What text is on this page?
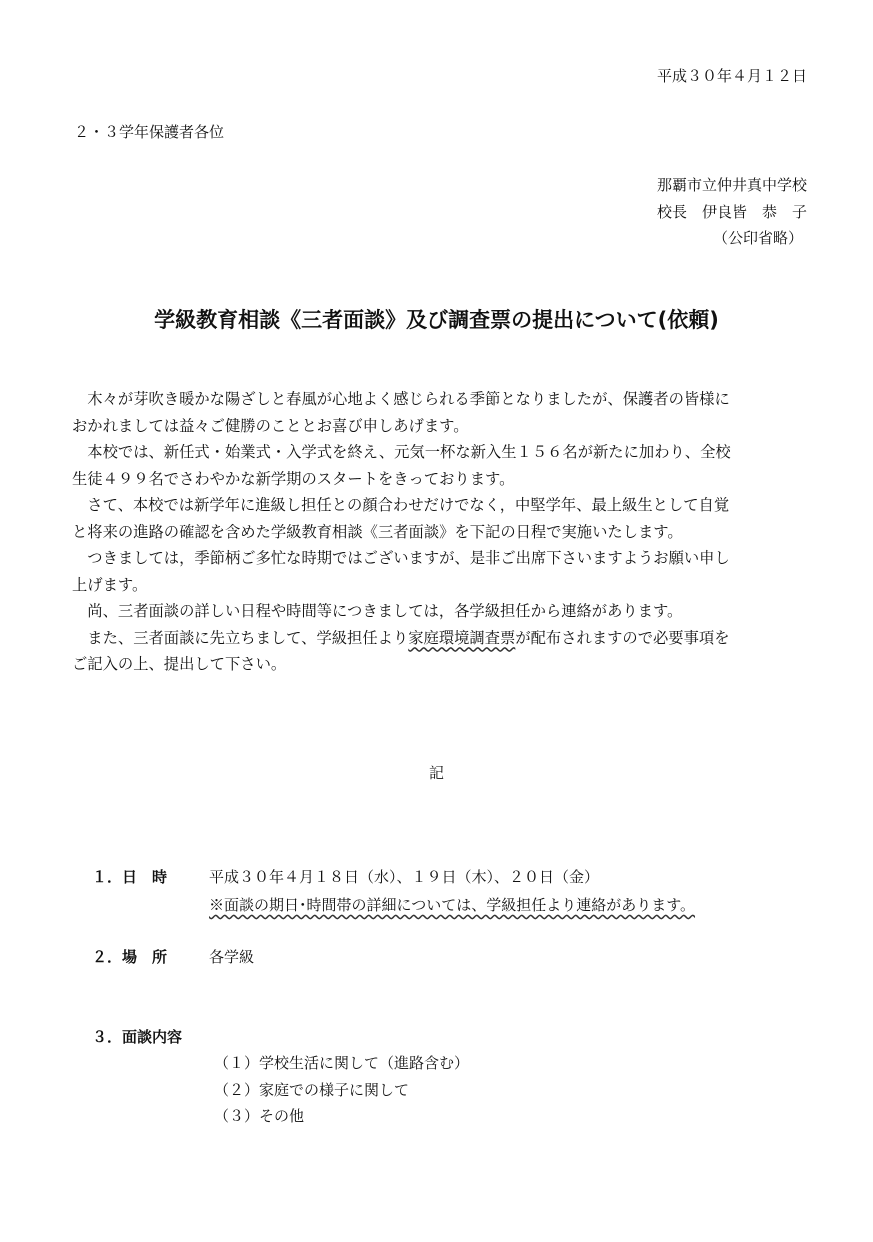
平成３０年４月１２日
２・３学年保護者各位
那覇市立仲井真中学校
校長　伊良皆　恭　子
（公印省略）
学級教育相談《三者面談》及び調査票の提出について(依頼)
　木々が芽吹き暖かな陽ざしと春風が心地よく感じられる季節となりましたが、保護者の皆様に
おかれましては益々ご健勝のこととお喜び申しあげます。
　本校では、新任式・始業式・入学式を終え、元気一杯な新入生１５６名が新たに加わり、全校
生徒４９９名でさわやかな新学期のスタートをきっております。
　さて、本校では新学年に進級し担任との顔合わせだけでなく，中堅学年、最上級生として自覚
と将来の進路の確認を含めた学級教育相談《三者面談》を下記の日程で実施いたします。
　つきましては，季節柄ご多忙な時期ではございますが、是非ご出席下さいますようお願い申し
上げます。
　尚、三者面談の詳しい日程や時間等につきましては，各学級担任から連絡があります。
　また、三者面談に先立ちまして、学級担任より家庭環境調査票が配布されますので必要事項を
ご記入の上、提出して下さい。
記
１．日　時	平成３０年４月１８日（水）、１９日（木）、２０日（金）
※面談の期日･時間帯の詳細については、学級担任より連絡があります。
２．場　所	各学級
３．面談内容
（１）学校生活に関して（進路含む）
（２）家庭での様子に関して
（３）その他
